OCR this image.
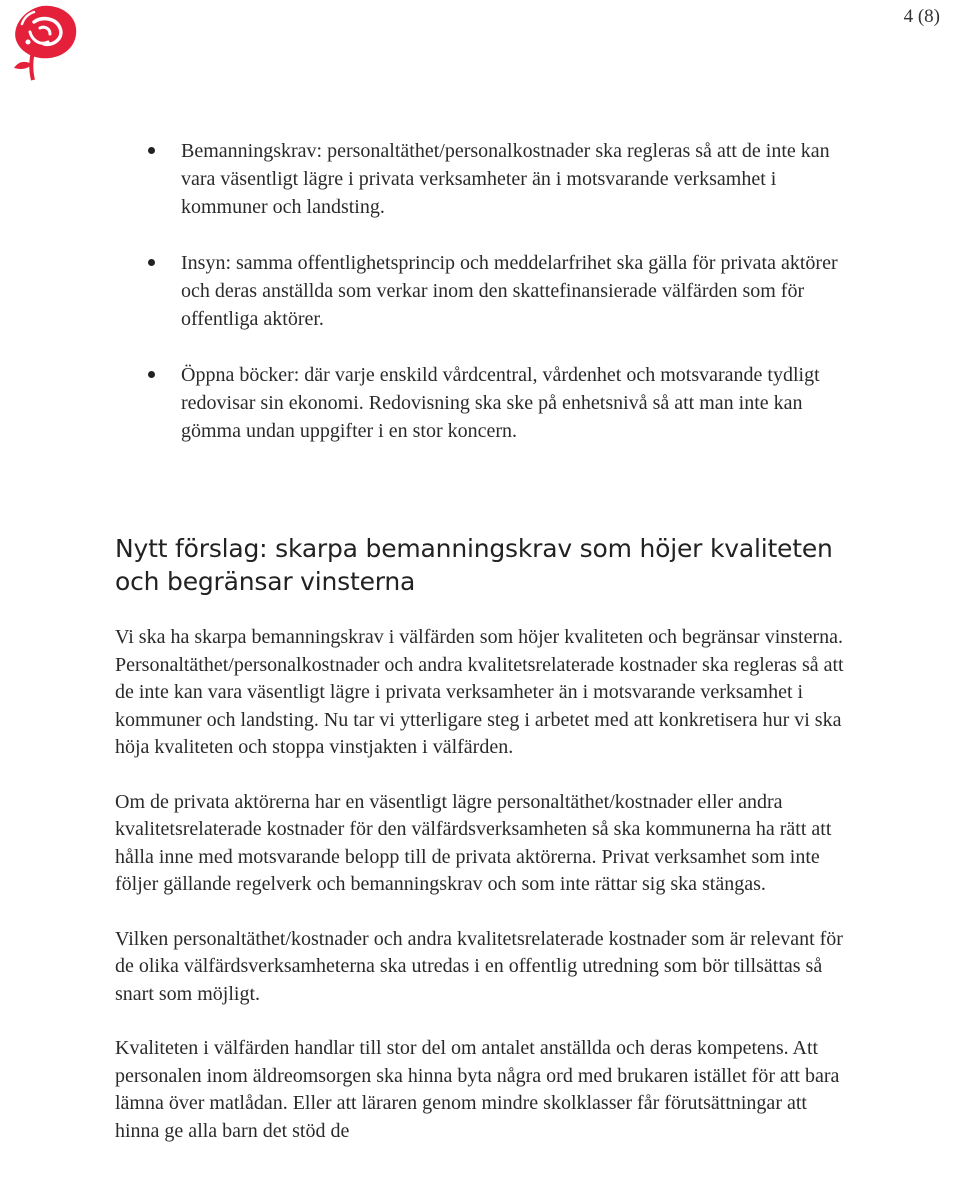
4 (8)
Bemanningskrav: personaltäthet/personalkostnader ska regleras så att de inte kan vara väsentligt lägre i privata verksamheter än i motsvarande verksamhet i kommuner och landsting.
Insyn: samma offentlighetsprincip och meddelarfrihet ska gälla för privata aktörer och deras anställda som verkar inom den skattefinansierade välfärden som för offentliga aktörer.
Öppna böcker: där varje enskild vårdcentral, vårdenhet och motsvarande tydligt redovisar sin ekonomi. Redovisning ska ske på enhetsnivå så att man inte kan gömma undan uppgifter i en stor koncern.
Nytt förslag: skarpa bemanningskrav som höjer kvaliteten och begränsar vinsterna

Vi ska ha skarpa bemanningskrav i välfärden som höjer kvaliteten och begränsar vinsterna. Personaltäthet/personalkostnader och andra kvalitetsrelaterade kostnader ska regleras så att de inte kan vara väsentligt lägre i privata verksamheter än i motsvarande verksamhet i kommuner och landsting. Nu tar vi ytterligare steg i arbetet med att konkretisera hur vi ska höja kvaliteten och stoppa vinstjakten i välfärden.

Om de privata aktörerna har en väsentligt lägre personaltäthet/kostnader eller andra kvalitetsrelaterade kostnader för den välfärdsverksamheten så ska kommunerna ha rätt att hålla inne med motsvarande belopp till de privata aktörerna. Privat verksamhet som inte följer gällande regelverk och bemanningskrav och som inte rättar sig ska stängas.

Vilken personaltäthet/kostnader och andra kvalitetsrelaterade kostnader som är relevant för de olika välfärdsverksamheterna ska utredas i en offentlig utredning som bör tillsättas så snart som möjligt.

Kvaliteten i välfärden handlar till stor del om antalet anställda och deras kompetens. Att personalen inom äldreomsorgen ska hinna byta några ord med brukaren istället för att bara lämna över matlådan. Eller att läraren genom mindre skolklasser får förutsättningar att hinna ge alla barn det stöd de
